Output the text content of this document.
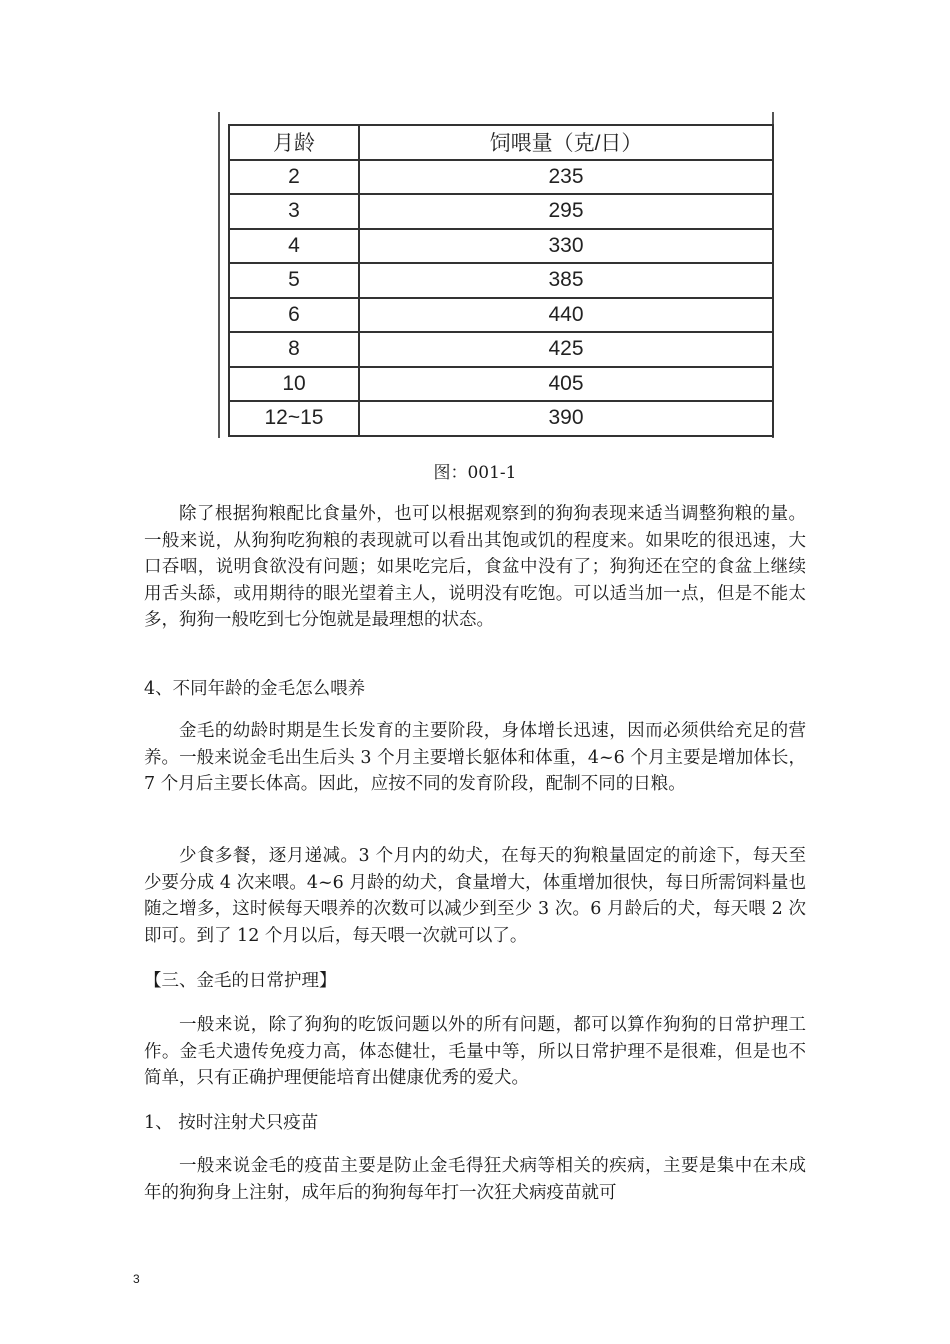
月龄	饲喂量（克/日）
2	235
3	295
4	330
5	385
6	440
8	425
10	405
12~15	390
图：001-1

除了根据狗粮配比食量外，也可以根据观察到的狗狗表现来适当调整狗粮的量。一般来说，从狗狗吃狗粮的表现就可以看出其饱或饥的程度来。如果吃的很迅速，大口吞咽，说明食欲没有问题；如果吃完后，食盆中没有了；狗狗还在空的食盆上继续用舌头舔，或用期待的眼光望着主人，说明没有吃饱。可以适当加一点，但是不能太多，狗狗一般吃到七分饱就是最理想的状态。

4、不同年龄的金毛怎么喂养

金毛的幼龄时期是生长发育的主要阶段，身体增长迅速，因而必须供给充足的营养。一般来说金毛出生后头 3 个月主要增长躯体和体重，4~6 个月主要是增加体长，7 个月后主要长体高。因此，应按不同的发育阶段，配制不同的日粮。

少食多餐，逐月递减。3 个月内的幼犬，在每天的狗粮量固定的前途下，每天至少要分成 4 次来喂。4~6 月龄的幼犬，食量增大，体重增加很快，每日所需饲料量也随之增多，这时候每天喂养的次数可以减少到至少 3 次。6 月龄后的犬，每天喂 2 次即可。到了 12 个月以后，每天喂一次就可以了。

【三、金毛的日常护理】

一般来说，除了狗狗的吃饭问题以外的所有问题，都可以算作狗狗的日常护理工作。金毛犬遗传免疫力高，体态健壮，毛量中等，所以日常护理不是很难，但是也不简单，只有正确护理便能培育出健康优秀的爱犬。

1、 按时注射犬只疫苗

一般来说金毛的疫苗主要是防止金毛得狂犬病等相关的疾病，主要是集中在未成年的狗狗身上注射，成年后的狗狗每年打一次狂犬病疫苗就可

3
